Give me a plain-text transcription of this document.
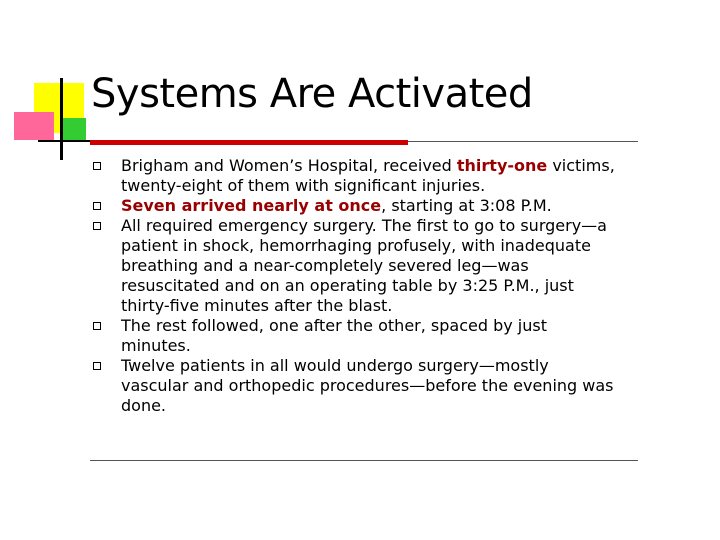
Systems Are Activated
Brigham and Women’s Hospital, received thirty-one victims, twenty-eight of them with significant injuries.
Seven arrived nearly at once, starting at 3:08 P.M.
All required emergency surgery. The first to go to surgery—a patient in shock, hemorrhaging profusely, with inadequate breathing and a near-completely severed leg—was resuscitated and on an operating table by 3:25 P.M., just thirty-five minutes after the blast.
The rest followed, one after the other, spaced by just minutes.
Twelve patients in all would undergo surgery—mostly vascular and orthopedic procedures—before the evening was done.
